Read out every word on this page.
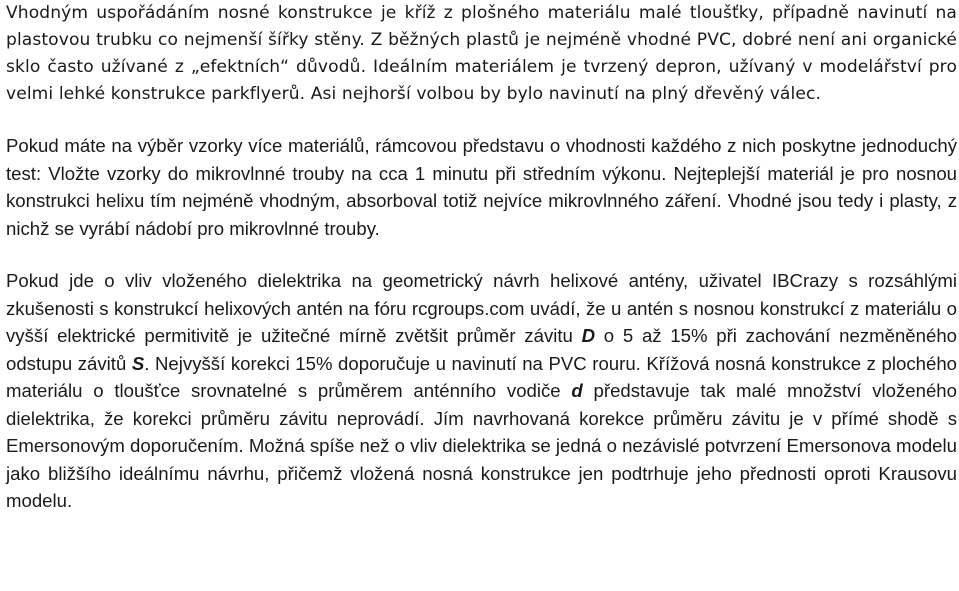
Vhodným uspořádáním nosné konstrukce je kříž z plošného materiálu malé tloušťky, případně navinutí na plastovou trubku co nejmenší šířky stěny. Z běžných plastů je nejméně vhodné PVC, dobré není ani organické sklo často užívané z „efektních“ důvodů. Ideálním materiálem je tvrzený depron, užívaný v modelářství pro velmi lehké konstrukce parkflyerů. Asi nejhorší volbou by bylo navinutí na plný dřevěný válec.

Pokud máte na výběr vzorky více materiálů, rámcovou představu o vhodnosti každého z nich poskytne jednoduchý test: Vložte vzorky do mikrovlnné trouby na cca 1 minutu při středním výkonu. Nejteplejší materiál je pro nosnou konstrukci helixu tím nejméně vhodným, absorboval totiž nejvíce mikrovlnného záření. Vhodné jsou tedy i plasty, z nichž se vyrábí nádobí pro mikrovlnné trouby.

Pokud jde o vliv vloženého dielektrika na geometrický návrh helixové antény, uživatel IBCrazy s rozsáhlými zkušenosti s konstrukcí helixových antén na fóru rcgroups.com uvádí, že u antén s nosnou konstrukcí z materiálu o vyšší elektrické permitivitě je užitečné mírně zvětšit průměr závitu D o 5 až 15% při zachování nezměněného odstupu závitů S. Nejvyšší korekci 15% doporučuje u navinutí na PVC rouru. Křížová nosná konstrukce z plochého materiálu o tloušťce srovnatelné s průměrem anténního vodiče d představuje tak malé množství vloženého dielektrika, že korekci průměru závitu neprovádí. Jím navrhovaná korekce průměru závitu je v přímé shodě s Emersonovým doporučením. Možná spíše než o vliv dielektrika se jedná o nezávislé potvrzení Emersonova modelu jako bližšího ideálnímu návrhu, přičemž vložená nosná konstrukce jen podtrhuje jeho přednosti oproti Krausovu modelu.
